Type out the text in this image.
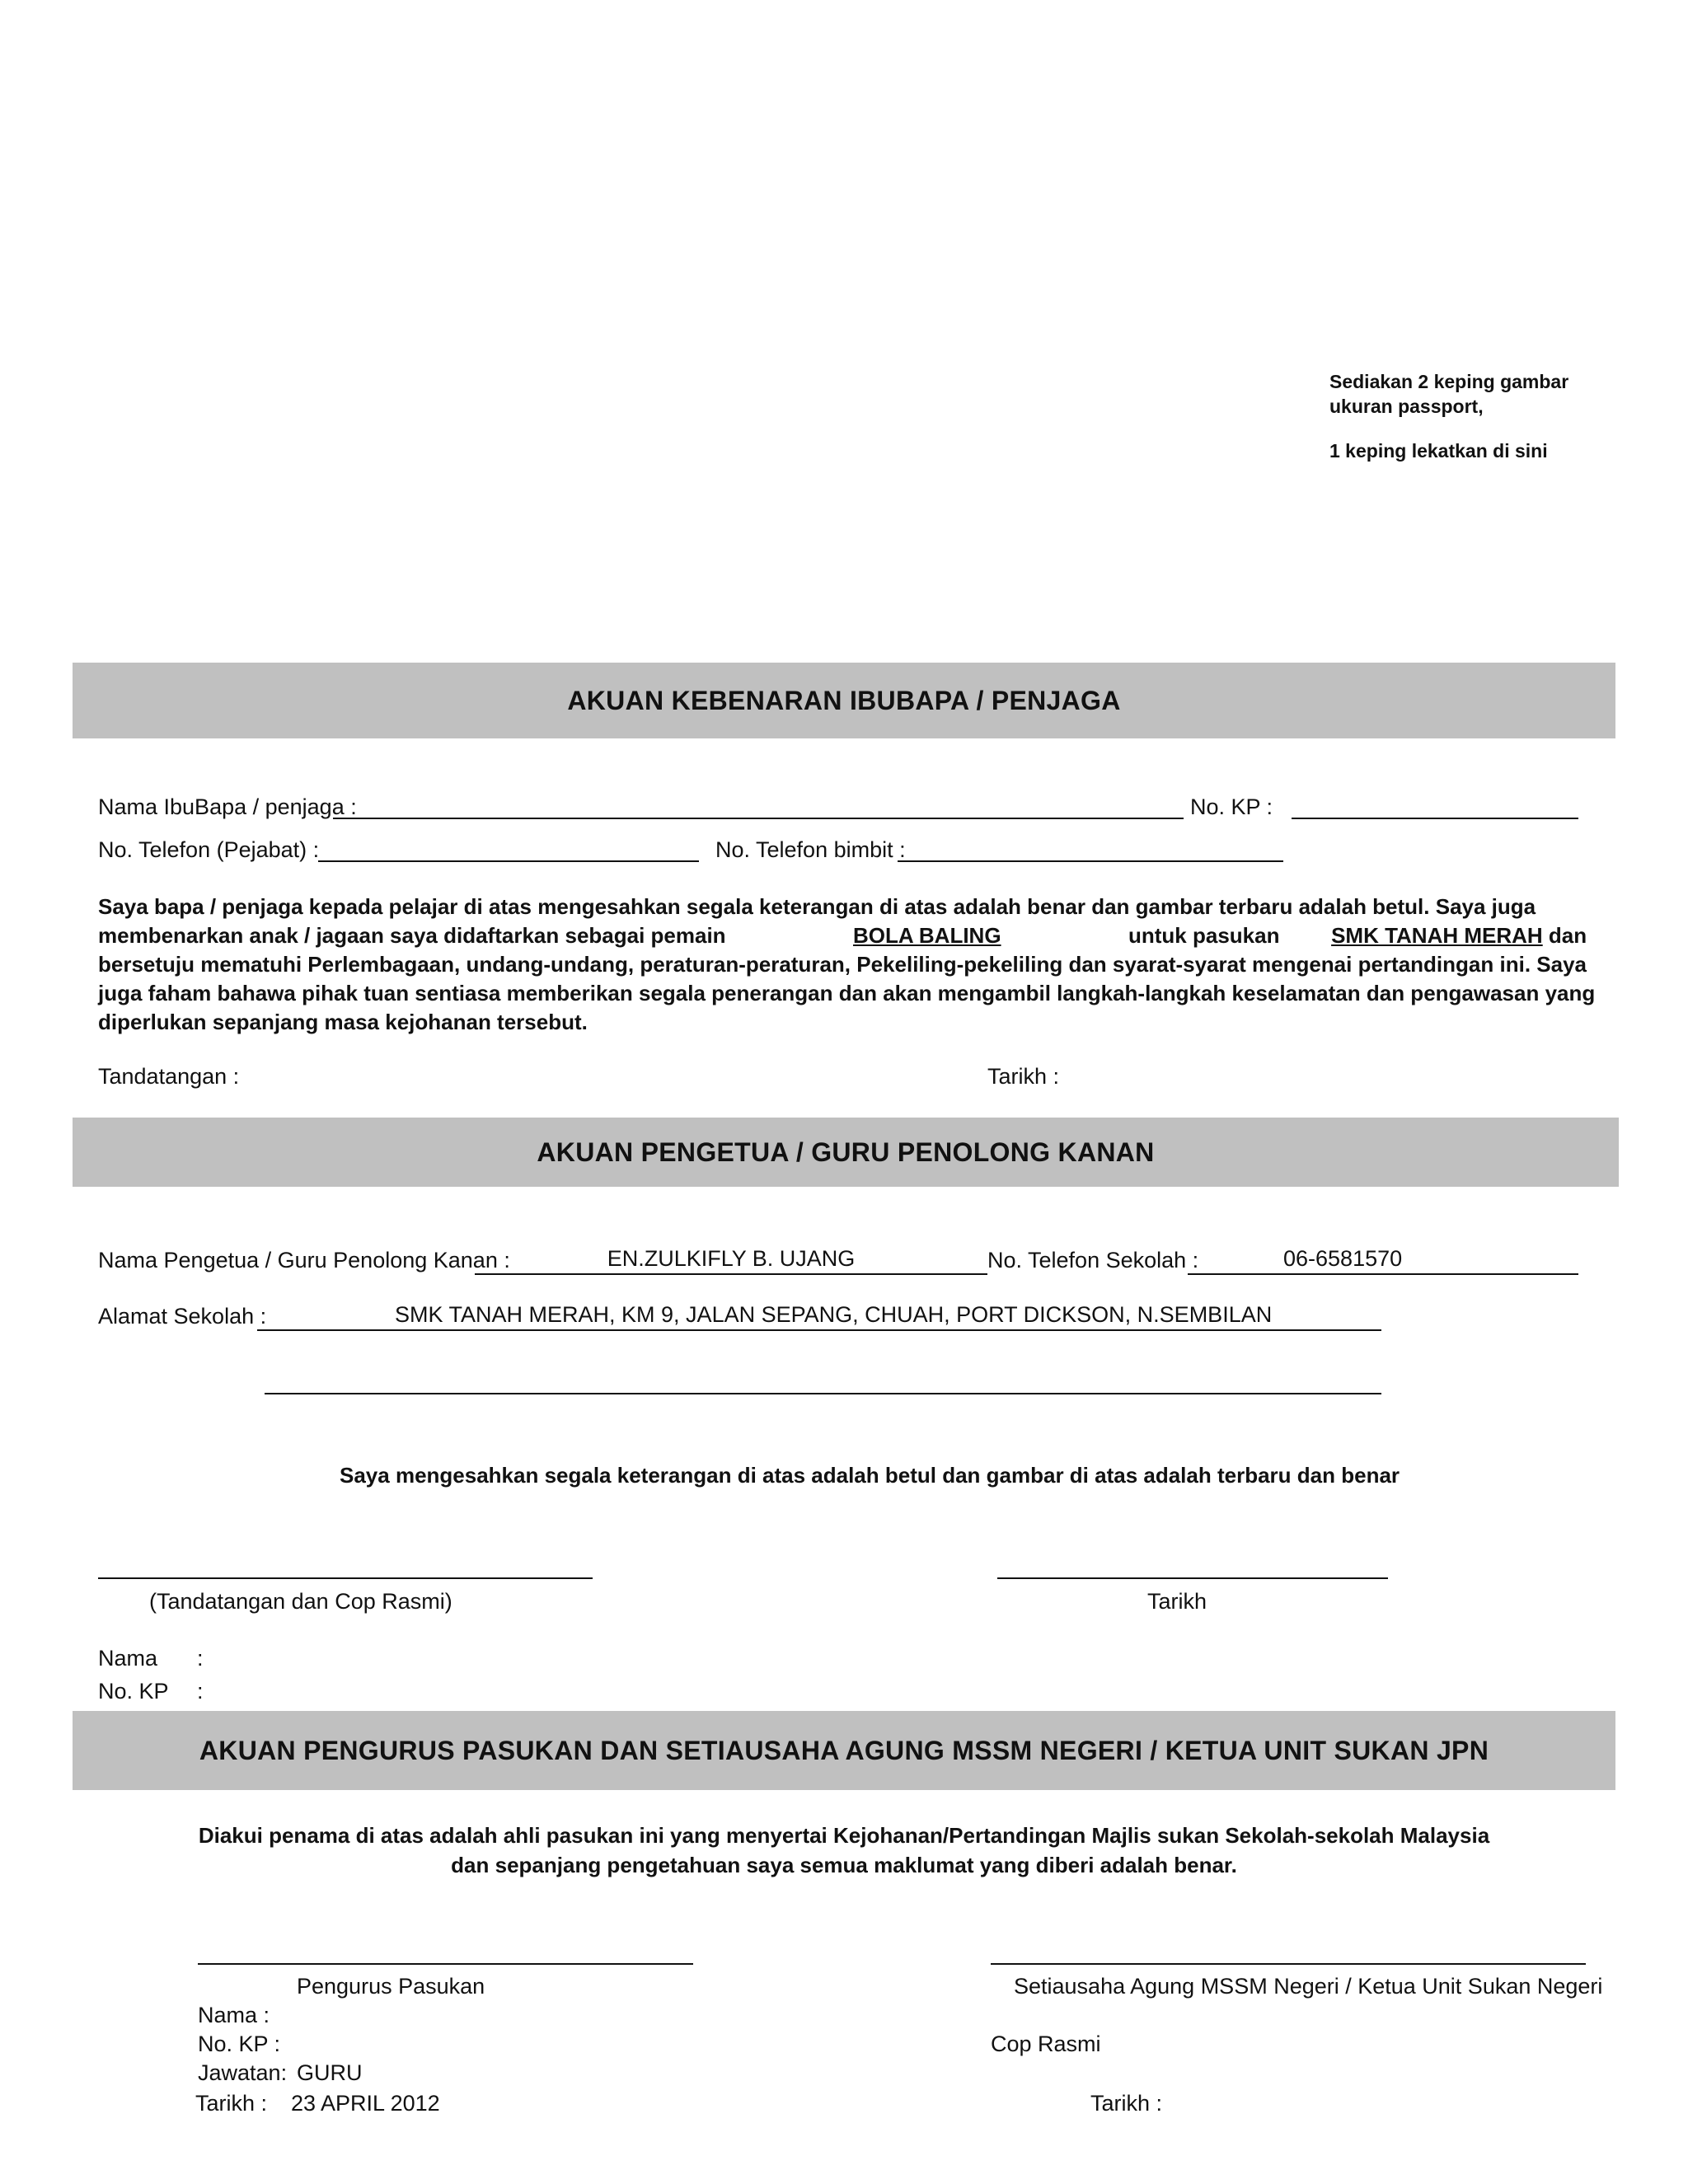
Sediakan 2 keping gambar
ukuran passport,
1 keping lekatkan di sini
AKUAN KEBENARAN IBUBAPA / PENJAGA
Nama IbuBapa / penjaga :	No. KP :
No. Telefon (Pejabat) :	No. Telefon bimbit :
Saya bapa / penjaga kepada pelajar di atas mengesahkan segala keterangan di atas adalah benar dan gambar terbaru adalah betul. Saya juga membenarkan anak / jagaan saya didaftarkan sebagai pemain	BOLA BALING	untuk pasukan SMK TANAH MERAH dan bersetuju mematuhi Perlembagaan, undang-undang, peraturan-peraturan, Pekeliling-pekeliling dan syarat-syarat mengenai pertandingan ini. Saya juga faham bahawa pihak tuan sentiasa memberikan segala penerangan dan akan mengambil langkah-langkah keselamatan dan pengawasan yang diperlukan sepanjang masa kejohanan tersebut.
Tandatangan :	Tarikh :
AKUAN PENGETUA / GURU PENOLONG KANAN
Nama Pengetua / Guru Penolong Kanan :	EN.ZULKIFLY B. UJANG	No. Telefon Sekolah :	06-6581570
Alamat Sekolah :	SMK TANAH MERAH, KM 9, JALAN SEPANG, CHUAH, PORT DICKSON, N.SEMBILAN
Saya mengesahkan segala keterangan di atas adalah betul dan gambar di atas adalah terbaru dan benar
(Tandatangan dan Cop Rasmi)	Tarikh
Nama :
No. KP :
AKUAN PENGURUS PASUKAN DAN SETIAUSAHA AGUNG MSSM NEGERI / KETUA UNIT SUKAN JPN
Diakui penama di atas adalah ahli pasukan ini yang menyertai Kejohanan/Pertandingan Majlis sukan Sekolah-sekolah Malaysia
dan sepanjang pengetahuan saya semua maklumat yang diberi adalah benar.
Pengurus Pasukan	Setiausaha Agung MSSM Negeri / Ketua Unit Sukan Negeri
Nama :
No. KP :	Cop Rasmi
Jawatan: GURU
Tarikh : 23 APRIL 2012	Tarikh :
